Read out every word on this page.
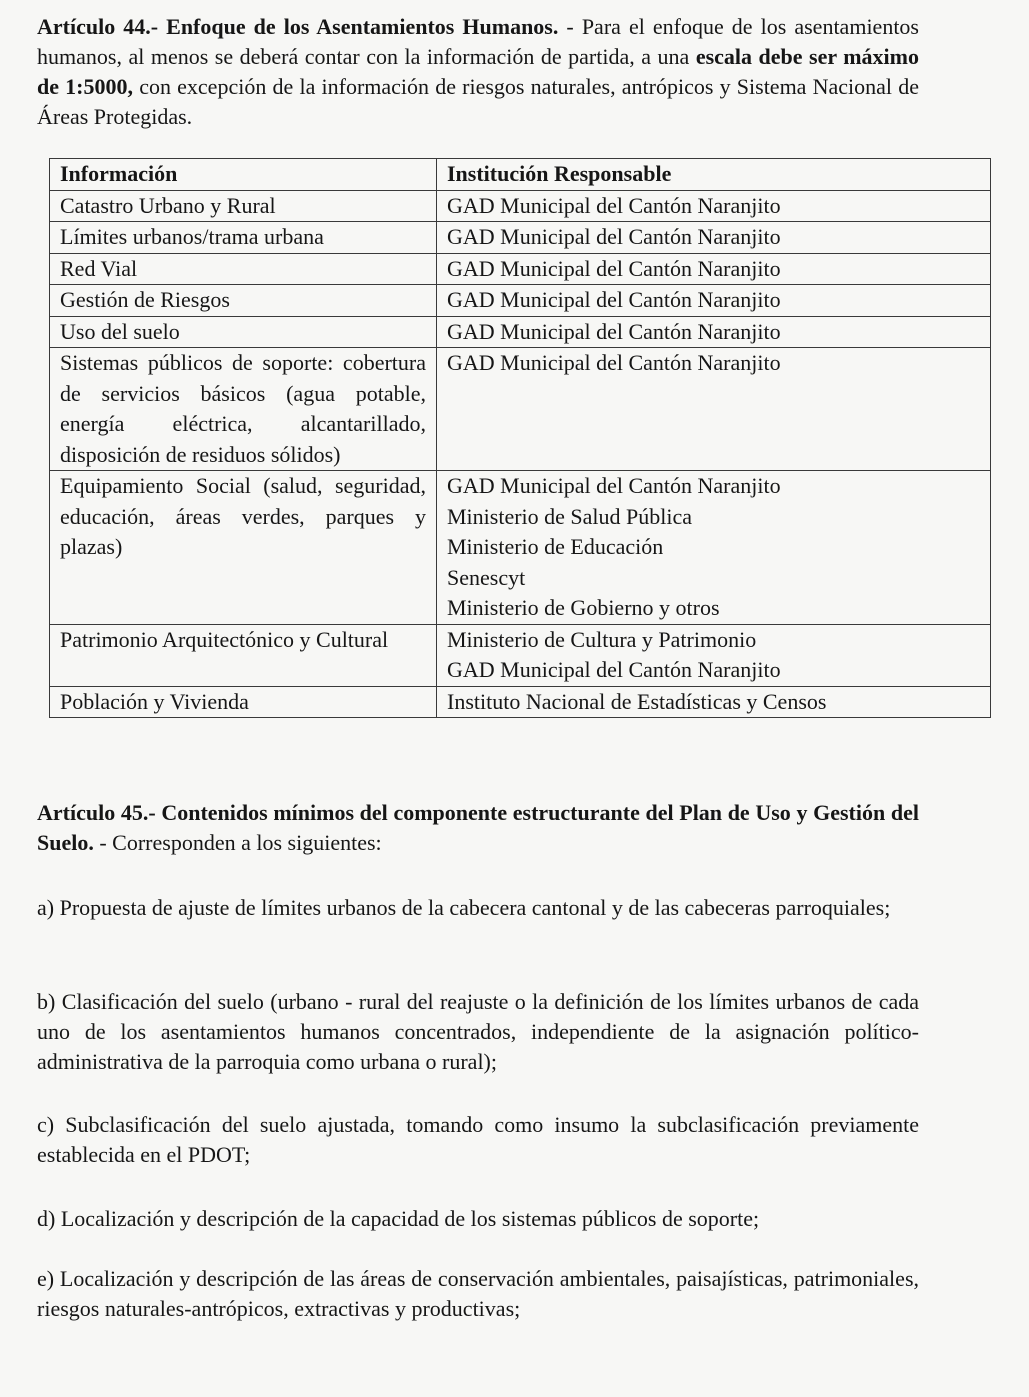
Artículo 44.- Enfoque de los Asentamientos Humanos. - Para el enfoque de los asentamientos humanos, al menos se deberá contar con la información de partida, a una escala debe ser máximo de 1:5000, con excepción de la información de riesgos naturales, antrópicos y Sistema Nacional de Áreas Protegidas.

Información	Institución Responsable
Catastro Urbano y Rural	GAD Municipal del Cantón Naranjito

Límites urbanos/trama urbana	GAD Municipal del Cantón Naranjito

Red Vial	GAD Municipal del Cantón Naranjito

Gestión de Riesgos	GAD Municipal del Cantón Naranjito

Uso del suelo	GAD Municipal del Cantón Naranjito

Sistemas públicos de soporte: cobertura de servicios básicos (agua potable, energía eléctrica, alcantarillado, disposición de residuos sólidos)	GAD Municipal del Cantón Naranjito

Equipamiento Social (salud, seguridad, educación, áreas verdes, parques y plazas)	GAD Municipal del Cantón Naranjito
Ministerio de Salud Pública
Ministerio de Educación
Senescyt
Ministerio de Gobierno y otros

Patrimonio Arquitectónico y Cultural	Ministerio de Cultura y Patrimonio
GAD Municipal del Cantón Naranjito

Población y Vivienda	Instituto Nacional de Estadísticas y Censos

Artículo 45.- Contenidos mínimos del componente estructurante del Plan de Uso y Gestión del Suelo. - Corresponden a los siguientes:

a) Propuesta de ajuste de límites urbanos de la cabecera cantonal y de las cabeceras parroquiales;

b) Clasificación del suelo (urbano - rural del reajuste o la definición de los límites urbanos de cada uno de los asentamientos humanos concentrados, independiente de la asignación político-administrativa de la parroquia como urbana o rural);

c) Subclasificación del suelo ajustada, tomando como insumo la subclasificación previamente establecida en el PDOT;

d) Localización y descripción de la capacidad de los sistemas públicos de soporte;

e) Localización y descripción de las áreas de conservación ambientales, paisajísticas, patrimoniales, riesgos naturales-antrópicos, extractivas y productivas;
